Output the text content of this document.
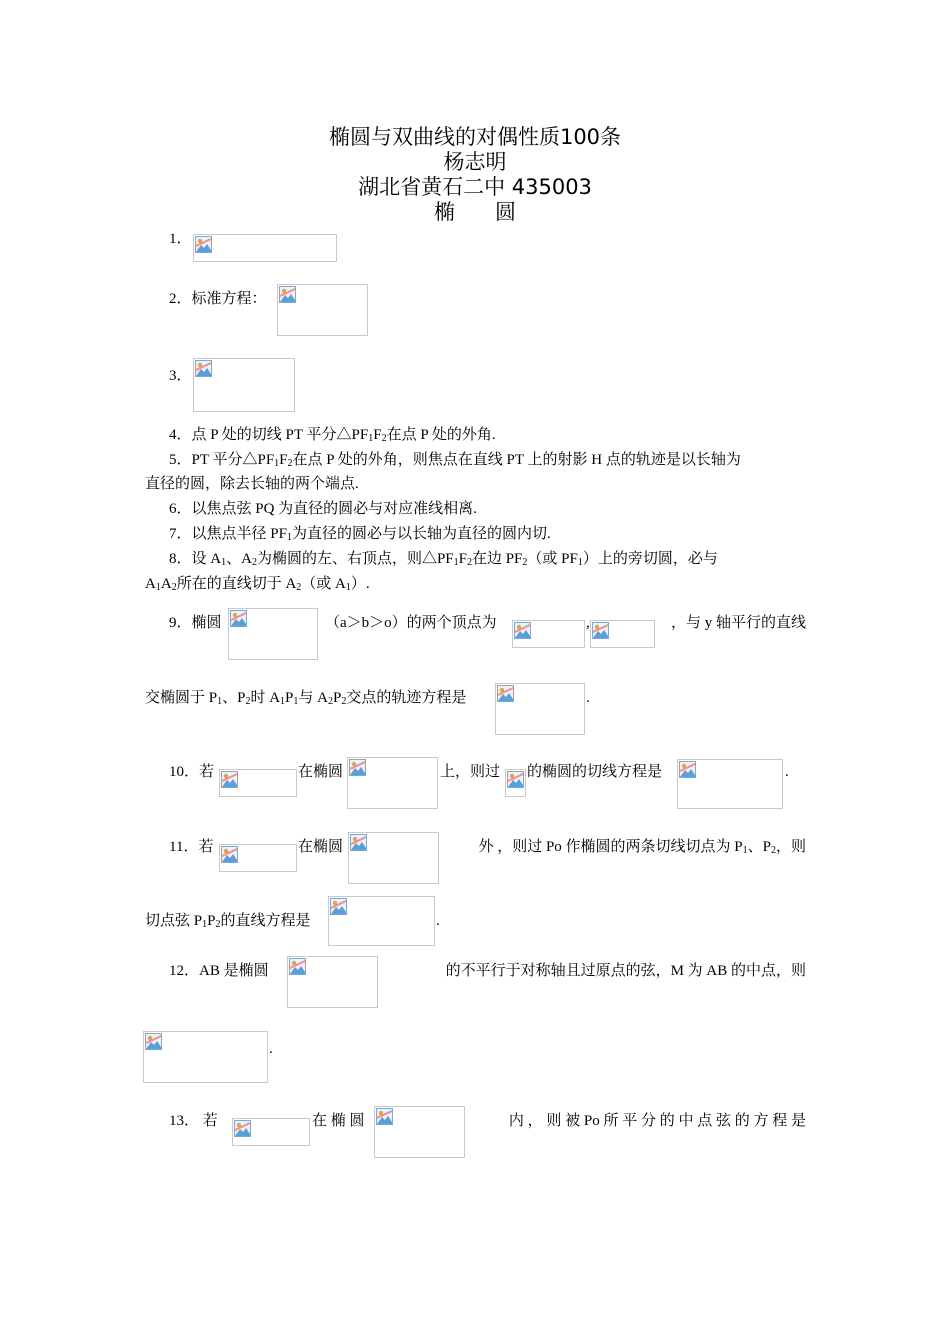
椭圆与双曲线的对偶性质100条
杨志明
湖北省黄石二中 435003
椭      圆
1．
2．标准方程：
3．
4．点 P 处的切线 PT 平分$\triangle PF_1F_2$在点 P 处的外角.
5．PT 平分$\triangle PF_1F_2$在点 P 处的外角，则焦点在直线 PT 上的射影 H 点的轨迹是以长轴为
直径的圆，除去长轴的两个端点.
6．以焦点弦 PQ 为直径的圆必与对应准线相离.
7．以焦点半径 $PF_1$为直径的圆必与以长轴为直径的圆内切.
8．设 $A_1$、$A_2$为椭圆的左、右顶点，则$\triangle PF_1F_2$在边 $PF_2$（或 $PF_1$）上的旁切圆，必与
$A_1A_2$所在的直线切于 $A_2$（或 $A_1$）.
9．椭圆	（a＞b＞o）的两个顶点为	,	，与 y 轴平行的直线
交椭圆于 $P_1$、$P_2$时 $A_1P_1$与 $A_2P_2$交点的轨迹方程是	.
10．若	在椭圆	上，则过 的椭圆的切线方程是	.
11．若	在椭圆	外 ，则过 Po 作椭圆的两条切线切点为 $P_1$、$P_2$，则
切点弦 $P_1P_2$的直线方程是	.
12．AB 是椭圆	的不平行于对称轴且过原点的弦，M 为 AB 的中点，则
.
13． 若	在 椭 圆	内 ， 则 被 Po 所 平 分 的 中 点 弦 的 方 程 是
